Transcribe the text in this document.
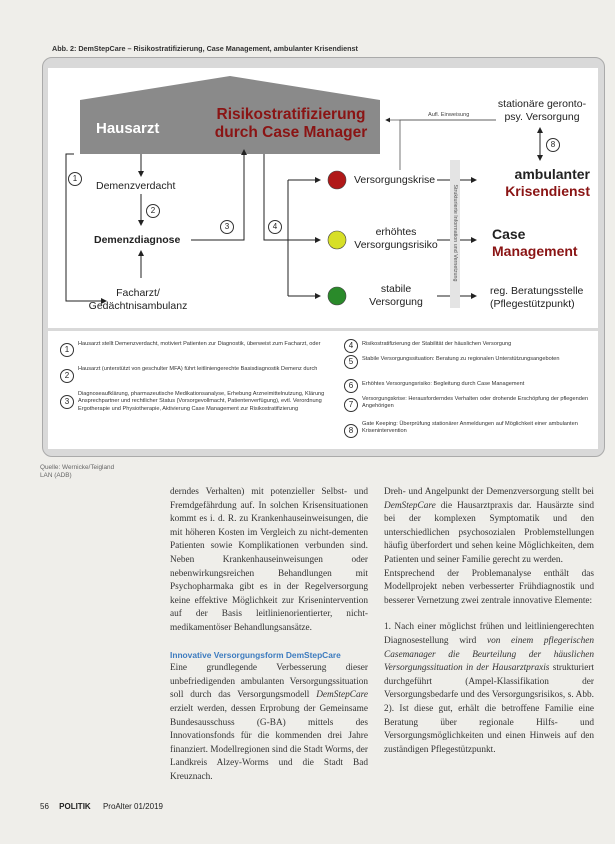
Abb. 2: DemStepCare – Risikostratifizierung, Case Management, ambulanter Krisendienst
Hausarzt
Risikostratifizierung
durch Case Manager
Demenzverdacht
Demenzdiagnose
Facharzt/
Gedächtnisambulanz
Versorgungskrise
erhöhtes
Versorgungsrisiko
stabile
Versorgung
Aufl. Einweisung
stationäre geronto-
psy. Versorgung
ambulanter
Krisendienst
Case
Management
reg. Beratungsstelle
(Pflegestützpunkt)
Strukturierte Information und Vernetzung
1
2
3	4
8
1
Hausarzt stellt Demenzverdacht, motiviert Patienten zur Diagnostik, überweist zum Facharzt, oder
2
Hausarzt (unterstützt von geschulter MFA) führt leitliniengerechte Basisdiagnostik Demenz durch
3
Diagnoseaufklärung, pharmazeutische Medikationsanalyse, Erhebung Arzneimittelnutzung, Klärung Ansprechpartner und rechtlicher Status (Vorsorgevollmacht, Patientenverfügung), evtl. Verordnung Ergotherapie und Physiotherapie, Aktivierung Case Management zur Risikostratifizierung
4	Risikostratifizierung der Stabilität der häuslichen Versorgung
5	Stabile Versorgungssituation: Beratung zu regionalen Unterstützungsangeboten
6	Erhöhtes Versorgungsrisiko: Begleitung durch Case Management
7
Versorgungskrise: Herausforderndes Verhalten oder drohende Erschöpfung der pflegenden Angehörigen
8
Gate Keeping: Überprüfung stationärer Anmeldungen auf Möglichkeit einer ambulanten Krisenintervention
Quelle: Wernicke/Teigland
LAN (ADB)

derndes Verhalten) mit potenzieller Selbst- und Fremdgefährdung auf. In solchen Krisensituationen kommt es i. d. R. zu Krankenhauseinweisungen, die mit höheren Kosten im Vergleich zu nicht-dementen Patienten sowie Komplikationen verbunden sind. Neben Krankenhauseinweisungen oder nebenwirkungsreichen Behandlungen mit Psychopharmaka gibt es in der Regelversorgung keine effektive Möglichkeit zur Krisenintervention auf der Basis leitlinienorientierter, nicht-medikamentöser Behandlungsansätze.

Innovative Versorgungsform DemStepCare

Eine grundlegende Verbesserung dieser unbefriedigenden ambulanten Versorgungssituation soll durch das Versorgungsmodell DemStepCare erzielt werden, dessen Erprobung der Gemeinsame Bundesausschuss (G-BA) mittels des Innovationsfonds für die kommenden drei Jahre finanziert. Modellregionen sind die Stadt Worms, der Landkreis Alzey-Worms und die Stadt Bad Kreuznach.

Dreh- und Angelpunkt der Demenzversorgung stellt bei DemStepCare die Hausarztpraxis dar. Hausärzte sind bei der komplexen Symptomatik und den unterschiedlichen psychosozialen Problemstellungen häufig überfordert und sehen keine Möglichkeiten, dem Patienten und seiner Familie gerecht zu werden.

Entsprechend der Problemanalyse enthält das Modellprojekt neben verbesserter Frühdiagnostik und besserer Vernetzung zwei zentrale innovative Elemente:

1. Nach einer möglichst frühen und leitliniengerechten Diagnosestellung wird von einem pflegerischen Casemanager die Beurteilung der häuslichen Versorgungssituation in der Hausarztpraxis strukturiert durchgeführt (Ampel-Klassifikation der Versorgungsbedarfe und des Versorgungsrisikos, s. Abb. 2). Ist diese gut, erhält die betroffene Familie eine Beratung über regionale Hilfs- und Versorgungsmöglichkeiten und einen Hinweis auf den zuständigen Pflegestützpunkt.

56 POLITIK ProAlter 01/2019
